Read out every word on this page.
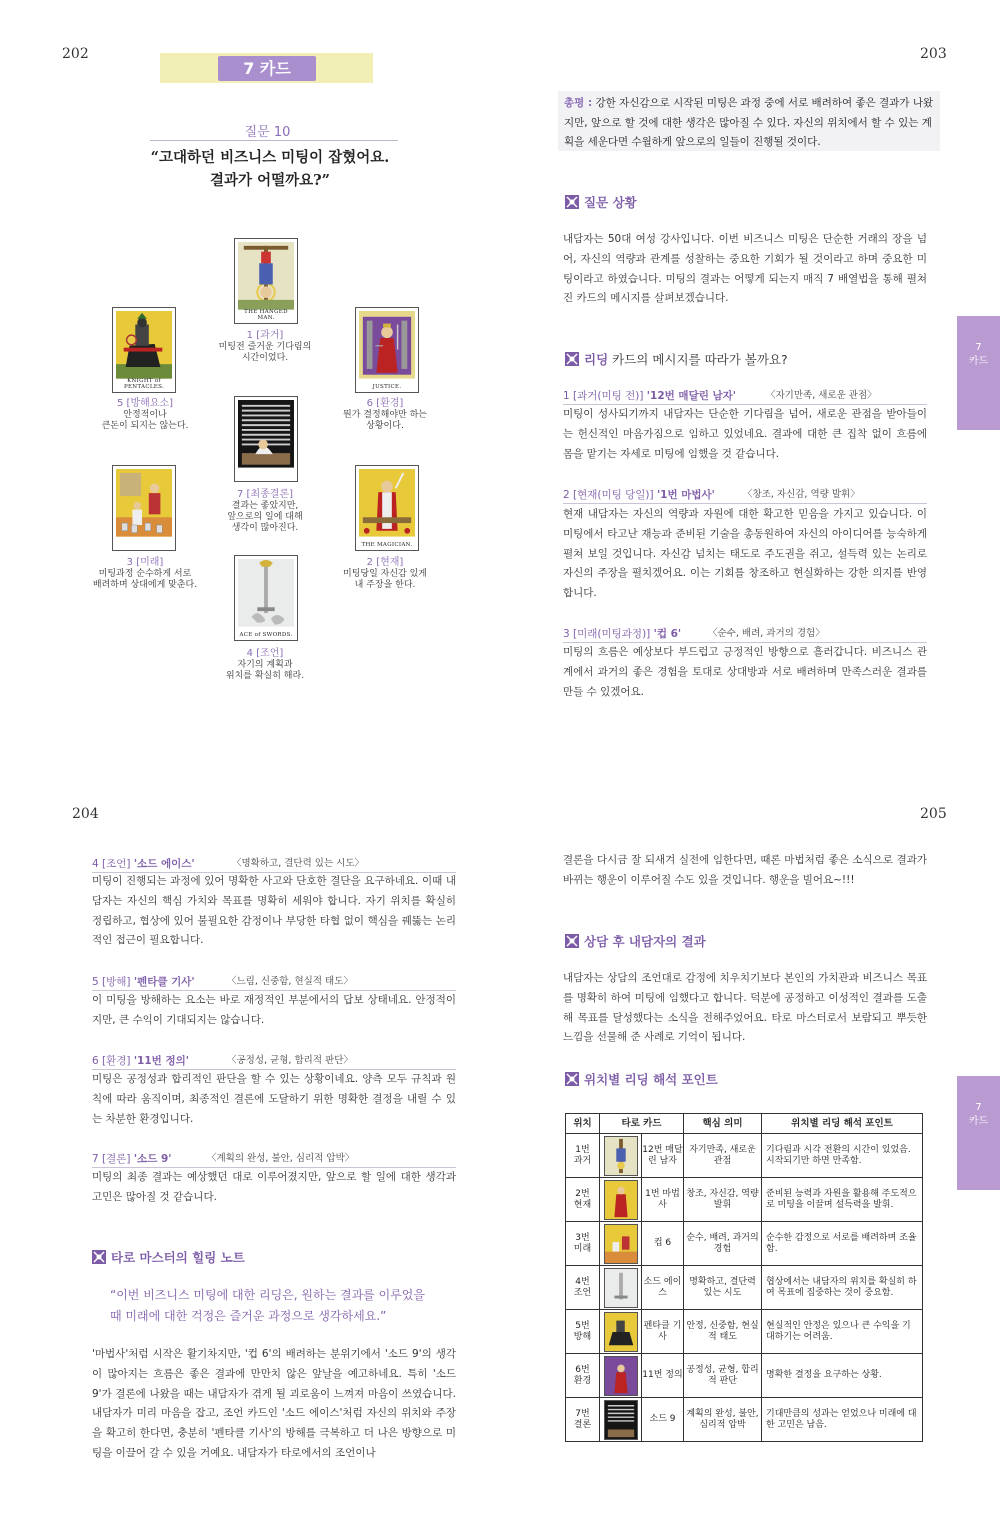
202	203
204	205
7 카드
질문 10
“고대하던 비즈니스 미팅이 잡혔어요.
결과가 어떨까요?”
THE HANGED MAN.
1 [과거]
미팅전 즐거운 기다림의
시간이었다.
KNIGHT of PENTACLES.
5 [방해요소]
안정적이나
큰돈이 되지는 않는다.
JUSTICE.
6 [환경]
뭔가 결정해야만 하는
상황이다.
7 [최종결론]
결과는 좋았지만,
앞으로의 일에 대해
생각이 많아진다.
3 [미래]
미팅과정 순수하게 서로
배려하며 상대에게 맞춘다.
THE MAGICIAN.
2 [현재]
미팅당일 자신감 있게
내 주장을 한다.
ACE of SWORDS.
4 [조언]
자기의 계획과
위치를 확실히 해라.
총평 : 강한 자신감으로 시작된 미팅은 과정 중에 서로 배려하여 좋은 결과가 나왔지만, 앞으로 할 것에 대한 생각은 많아질 수 있다. 자신의 위치에서 할 수 있는 계획을 세운다면 수월하게 앞으로의 일들이 진행될 것이다.
질문 상황
내담자는 50대 여성 강사입니다. 이번 비즈니스 미팅은 단순한 거래의 장을 넘어, 자신의 역량과 관계를 성찰하는 중요한 기회가 될 것이라고 하며 중요한 미팅이라고 하였습니다. 미팅의 결과는 어떻게 되는지 매직 7 배열법을 통해 펼쳐진 카드의 메시지를 살펴보겠습니다.
리딩 카드의 메시지를 따라가 볼까요?
1 [과거(미팅 전)] '12번 매달린 남자'	〈자기만족, 새로운 관점〉
미팅이 성사되기까지 내담자는 단순한 기다림을 넘어, 새로운 관점을 받아들이는 헌신적인 마음가짐으로 임하고 있었네요. 결과에 대한 큰 집착 없이 흐름에 몸을 맡기는 자세로 미팅에 임했을 것 같습니다.
2 [현재(미팅 당일)] '1번 마법사'	〈창조, 자신감, 역량 발휘〉
현재 내담자는 자신의 역량과 자원에 대한 확고한 믿음을 가지고 있습니다. 이 미팅에서 타고난 재능과 준비된 기술을 총동원하여 자신의 아이디어를 능숙하게 펼쳐 보일 것입니다. 자신감 넘치는 태도로 주도권을 쥐고, 설득력 있는 논리로 자신의 주장을 펼치겠어요. 이는 기회를 창조하고 현실화하는 강한 의지를 반영합니다.
3 [미래(미팅과정)] '컵 6'	〈순수, 배려, 과거의 경험〉
미팅의 흐름은 예상보다 부드럽고 긍정적인 방향으로 흘러갑니다. 비즈니스 관계에서 과거의 좋은 경험을 토대로 상대방과 서로 배려하며 만족스러운 결과를 만들 수 있겠어요.
7
카드
7
카드
4 [조언] '소드 에이스'	〈명확하고, 결단력 있는 시도〉
미팅이 진행되는 과정에 있어 명확한 사고와 단호한 결단을 요구하네요. 이때 내담자는 자신의 핵심 가치와 목표를 명확히 세워야 합니다. 자기 위치를 확실히 정립하고, 협상에 있어 불필요한 감정이나 부당한 타협 없이 핵심을 꿰뚫는 논리적인 접근이 필요합니다.
5 [방해] '펜타클 기사'	〈느림, 신중함, 현실적 태도〉
이 미팅을 방해하는 요소는 바로 재정적인 부분에서의 답보 상태네요. 안정적이지만, 큰 수익이 기대되지는 않습니다.
6 [환경] '11번 정의'	〈공정성, 균형, 합리적 판단〉
미팅은 공정성과 합리적인 판단을 할 수 있는 상황이네요. 양측 모두 규칙과 원칙에 따라 움직이며, 최종적인 결론에 도달하기 위한 명확한 결정을 내릴 수 있는 차분한 환경입니다.
7 [결론] '소드 9'	〈계획의 완성, 불안, 심리적 압박〉
미팅의 최종 결과는 예상했던 대로 이루어졌지만, 앞으로 할 일에 대한 생각과 고민은 많아질 것 같습니다.
타로 마스터의 힐링 노트
“이번 비즈니스 미팅에 대한 리딩은, 원하는 결과를 이루었을
때 미래에 대한 걱정은 즐거운 과정으로 생각하세요.”
'마법사'처럼 시작은 활기차지만, '컵 6'의 배려하는 분위기에서 '소드 9'의 생각이 많아지는 흐름은 좋은 결과에 만만치 않은 앞날을 예고하네요. 특히 '소드 9'가 결론에 나왔을 때는 내담자가 겪게 될 괴로움이 느껴져 마음이 쓰였습니다. 내담자가 미리 마음을 잡고, 조언 카드인 '소드 에이스'처럼 자신의 위치와 주장을 확고히 한다면, 충분히 '펜타클 기사'의 방해를 극복하고 더 나은 방향으로 미팅을 이끌어 갈 수 있을 거예요. 내담자가 타로에서의 조언이나
결론을 다시금 잘 되새겨 실전에 임한다면, 때론 마법처럼 좋은 소식으로 결과가 바뀌는 행운이 이루어질 수도 있을 것입니다. 행운을 빌어요~!!!
상담 후 내담자의 결과
내담자는 상담의 조언대로 감정에 치우치기보다 본인의 가치관과 비즈니스 목표를 명확히 하여 미팅에 임했다고 합니다. 덕분에 공정하고 이성적인 결과를 도출해 목표를 달성했다는 소식을 전해주었어요. 타로 마스터로서 보람되고 뿌듯한 느낌을 선물해 준 사례로 기억이 됩니다.
위치별 리딩 해석 포인트
위치	타로 카드		핵심 의미	위치별 리딩 해석 포인트
1번
과거		12번 매달린 남자	자기만족, 새로운 관점	기다림과 시각 전환의 시간이 있었음. 시작되기만 하면 만족함.
2번
현재		1번 마법사	창조, 자신감, 역량 발휘	준비된 능력과 자원을 활용해 주도적으로 미팅을 이끌며 설득력을 발휘.
3번
미래		컵 6	순수, 배려, 과거의 경험	순수한 감정으로 서로를 배려하며 조율함.
4번
조언		소드 에이스	명확하고, 결단력 있는 시도	협상에서는 내담자의 위치를 확실히 하여 목표에 집중하는 것이 중요함.
5번
방해		펜타클 기사	안정, 신중함, 현실적 태도	현실적인 안정은 있으나 큰 수익을 기대하기는 어려움.
6번
환경		11번 정의	공정성, 균형, 합리적 판단	명확한 결정을 요구하는 상황.
7번
결론		소드 9	계획의 완성, 불안, 심리적 압박	기대만큼의 성과는 얻었으나 미래에 대한 고민은 남음.
